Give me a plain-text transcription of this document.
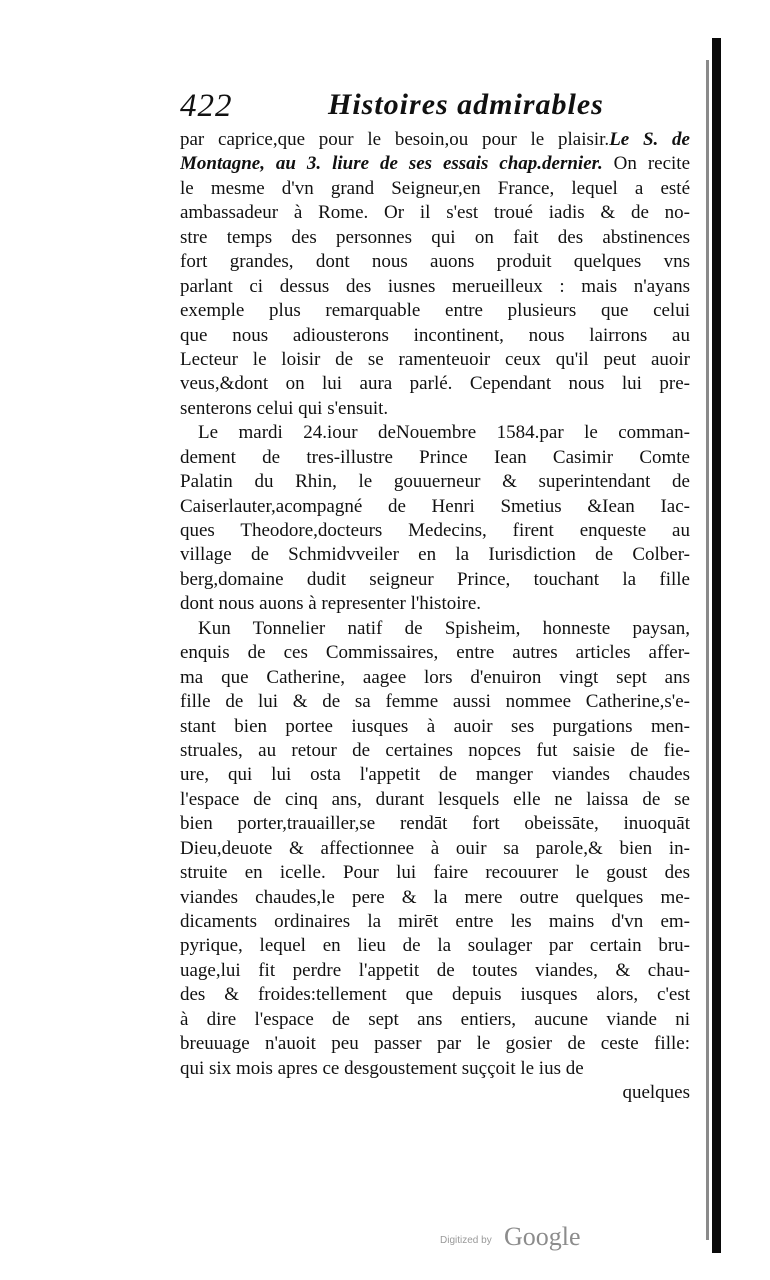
422	Histoires admirables
par caprice,que pour le besoin,ou pour le plaisir.Le S. de
Montagne, au 3. liure de ses essais chap.dernier. On recite
le mesme d'vn grand Seigneur,en France, lequel a esté
ambassadeur à Rome. Or il s'est troué iadis & de no-
stre temps des personnes qui on fait des abstinences
fort grandes, dont nous auons produit quelques vns
parlant ci dessus des iusnes merueilleux : mais n'ayans
exemple plus remarquable entre plusieurs que celui
que nous adiousterons incontinent, nous lairrons au
Lecteur le loisir de se ramenteuoir ceux qu'il peut auoir
veus,&dont on lui aura parlé. Cependant nous lui pre-
senterons celui qui s'ensuit.
Le mardi 24.iour deNouembre 1584.par le comman-
dement de tres-illustre Prince Iean Casimir Comte
Palatin du Rhin, le gouuerneur & superintendant de
Caiserlauter,acompagné de Henri Smetius &Iean Iac-
ques Theodore,docteurs Medecins, firent enqueste au
village de Schmidvveiler en la Iurisdiction de Colber-
berg,domaine dudit seigneur Prince, touchant la fille
dont nous auons à representer l'histoire.
Kun Tonnelier natif de Spisheim, honneste paysan,
enquis de ces Commissaires, entre autres articles affer-
ma que Catherine, aagee lors d'enuiron vingt sept ans
fille de lui & de sa femme aussi nommee Catherine,s'e-
stant bien portee iusques à auoir ses purgations men-
struales, au retour de certaines nopces fut saisie de fie-
ure, qui lui osta l'appetit de manger viandes chaudes
l'espace de cinq ans, durant lesquels elle ne laissa de se
bien porter,trauailler,se rendāt fort obeissāte, inuoquāt
Dieu,deuote & affectionnee à ouir sa parole,& bien in-
struite en icelle. Pour lui faire recouurer le goust des
viandes chaudes,le pere & la mere outre quelques me-
dicaments ordinaires la mirēt entre les mains d'vn em-
pyrique, lequel en lieu de la soulager par certain bru-
uage,lui fit perdre l'appetit de toutes viandes, & chau-
des & froides:tellement que depuis iusques alors, c'est
à dire l'espace de sept ans entiers, aucune viande ni
breuuage n'auoit peu passer par le gosier de ceste fille:
qui six mois apres ce desgoustement suççoit le ius de
quelques
Digitized by Google
